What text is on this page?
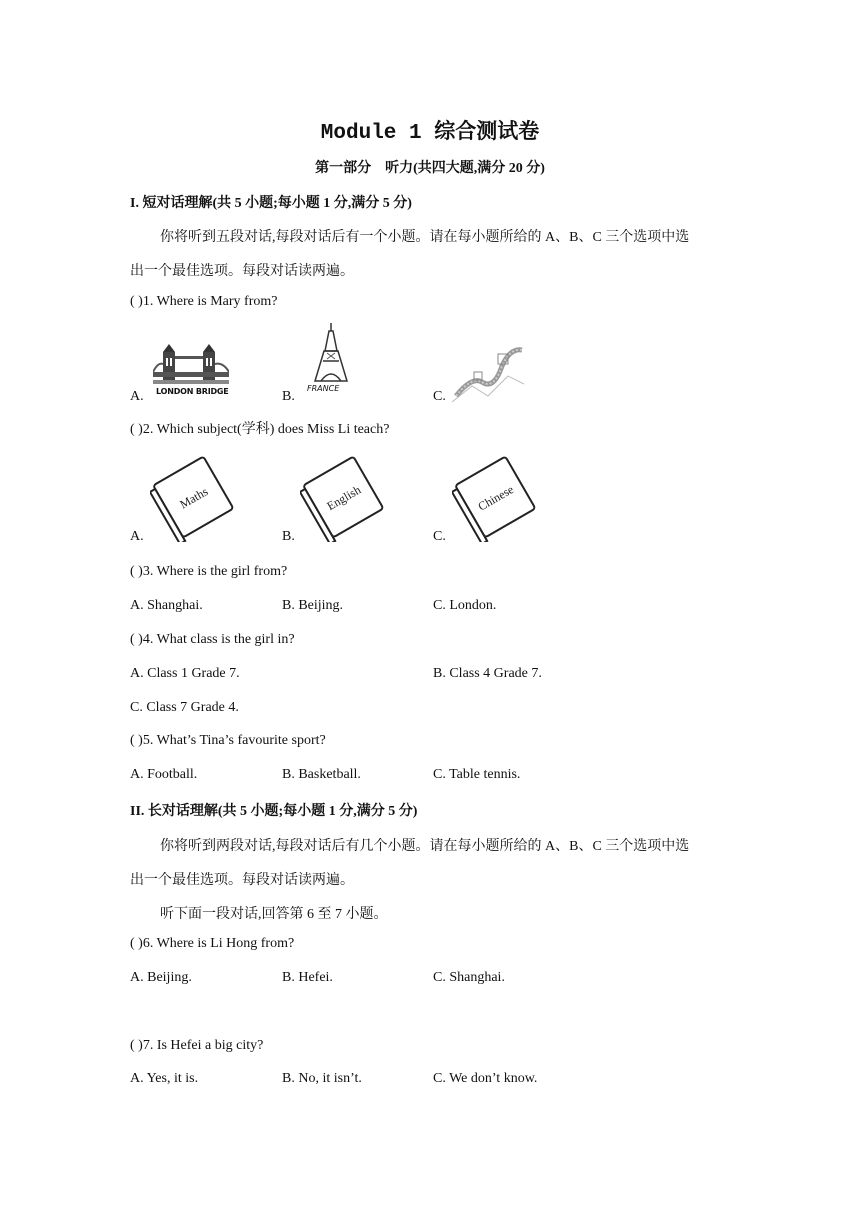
Module 1 综合测试卷
第一部分　听力(共四大题,满分 20 分)
I. 短对话理解(共 5 小题;每小题 1 分,满分 5 分)
你将听到五段对话,每段对话后有一个小题。请在每小题所给的 A、B、C 三个选项中选
出一个最佳选项。每段对话读两遍。
( )1. Where is Mary from?
LONDON BRIDGE
A.
FRANCE
B.	C.
( )2. Which subject(学科) does Miss Li teach?
Maths
A.
English
B.
Chinese
C.
( )3. Where is the girl from?
A. Shanghai.	B. Beijing.	C. London.
( )4. What class is the girl in?
A. Class 1 Grade 7.	B. Class 4 Grade 7.
C. Class 7 Grade 4.
( )5. What’s Tina’s favourite sport?
A. Football.	B. Basketball.	C. Table tennis.
II. 长对话理解(共 5 小题;每小题 1 分,满分 5 分)
你将听到两段对话,每段对话后有几个小题。请在每小题所给的 A、B、C 三个选项中选
出一个最佳选项。每段对话读两遍。
听下面一段对话,回答第 6 至 7 小题。
( )6. Where is Li Hong from?
A. Beijing.	B. Hefei.	C. Shanghai.
( )7. Is Hefei a big city?
A. Yes, it is.	B. No, it isn’t.	C. We don’t know.
